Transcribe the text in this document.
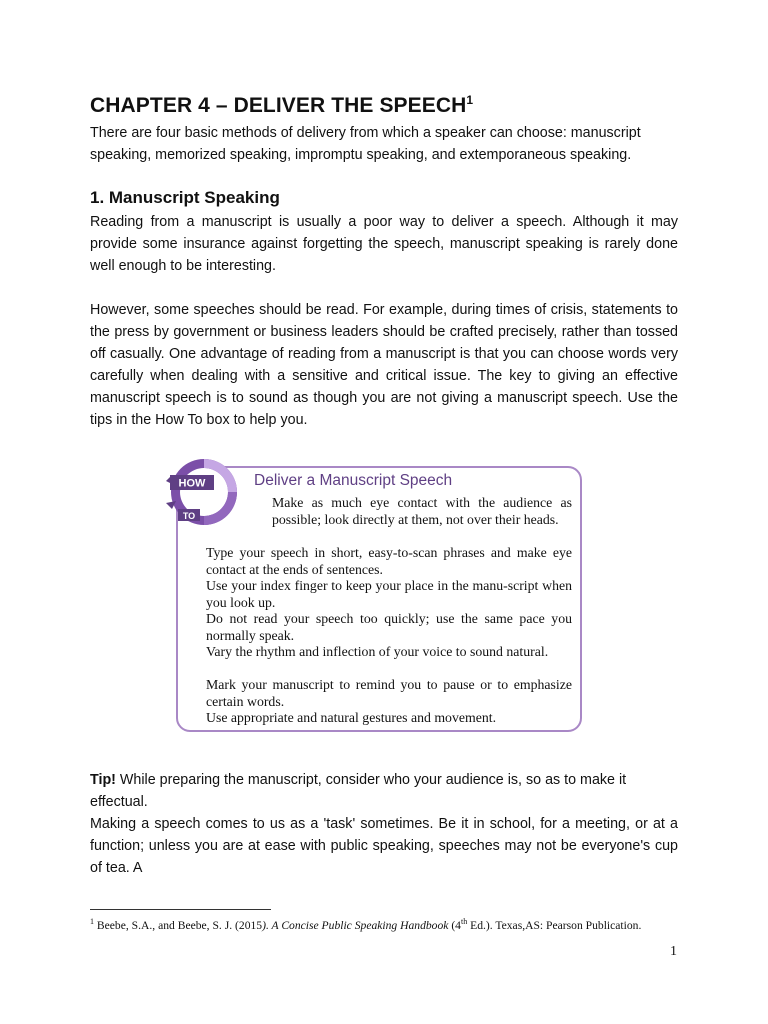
CHAPTER 4 – DELIVER THE SPEECH$^1$

There are four basic methods of delivery from which a speaker can choose: manuscript speaking, memorized speaking, impromptu speaking, and extemporaneous speaking.

1. Manuscript Speaking

Reading from a manuscript is usually a poor way to deliver a speech. Although it may provide some insurance against forgetting the speech, manuscript speaking is rarely done well enough to be interesting.

However, some speeches should be read. For example, during times of crisis, statements to the press by government or business leaders should be crafted precisely, rather than tossed off casually. One advantage of reading from a manuscript is that you can choose words very carefully when dealing with a sensitive and critical issue. The key to giving an effective manuscript speech is to sound as though you are not giving a manuscript speech. Use the tips in the How To box to help you.

HOW
TO

Deliver a Manuscript Speech

Make as much eye contact with the audience as possible; look directly at them, not over their heads.

Type your speech in short, easy-to-scan phrases and make eye contact at the ends of sentences.

Use your index finger to keep your place in the manu-script when you look up.

Do not read your speech too quickly; use the same pace you normally speak.

Vary the rhythm and inflection of your voice to sound natural.

Mark your manuscript to remind you to pause or to emphasize certain words.

Use appropriate and natural gestures and movement.

Tip! While preparing the manuscript, consider who your audience is, so as to make it effectual.

Making a speech comes to us as a 'task' sometimes. Be it in school, for a meeting, or at a function; unless you are at ease with public speaking, speeches may not be everyone's cup of tea. A

$^1$ Beebe, S.A., and Beebe, S. J. (2015). A Concise Public Speaking Handbook (4th Ed.). Texas,AS: Pearson Publication.

1
